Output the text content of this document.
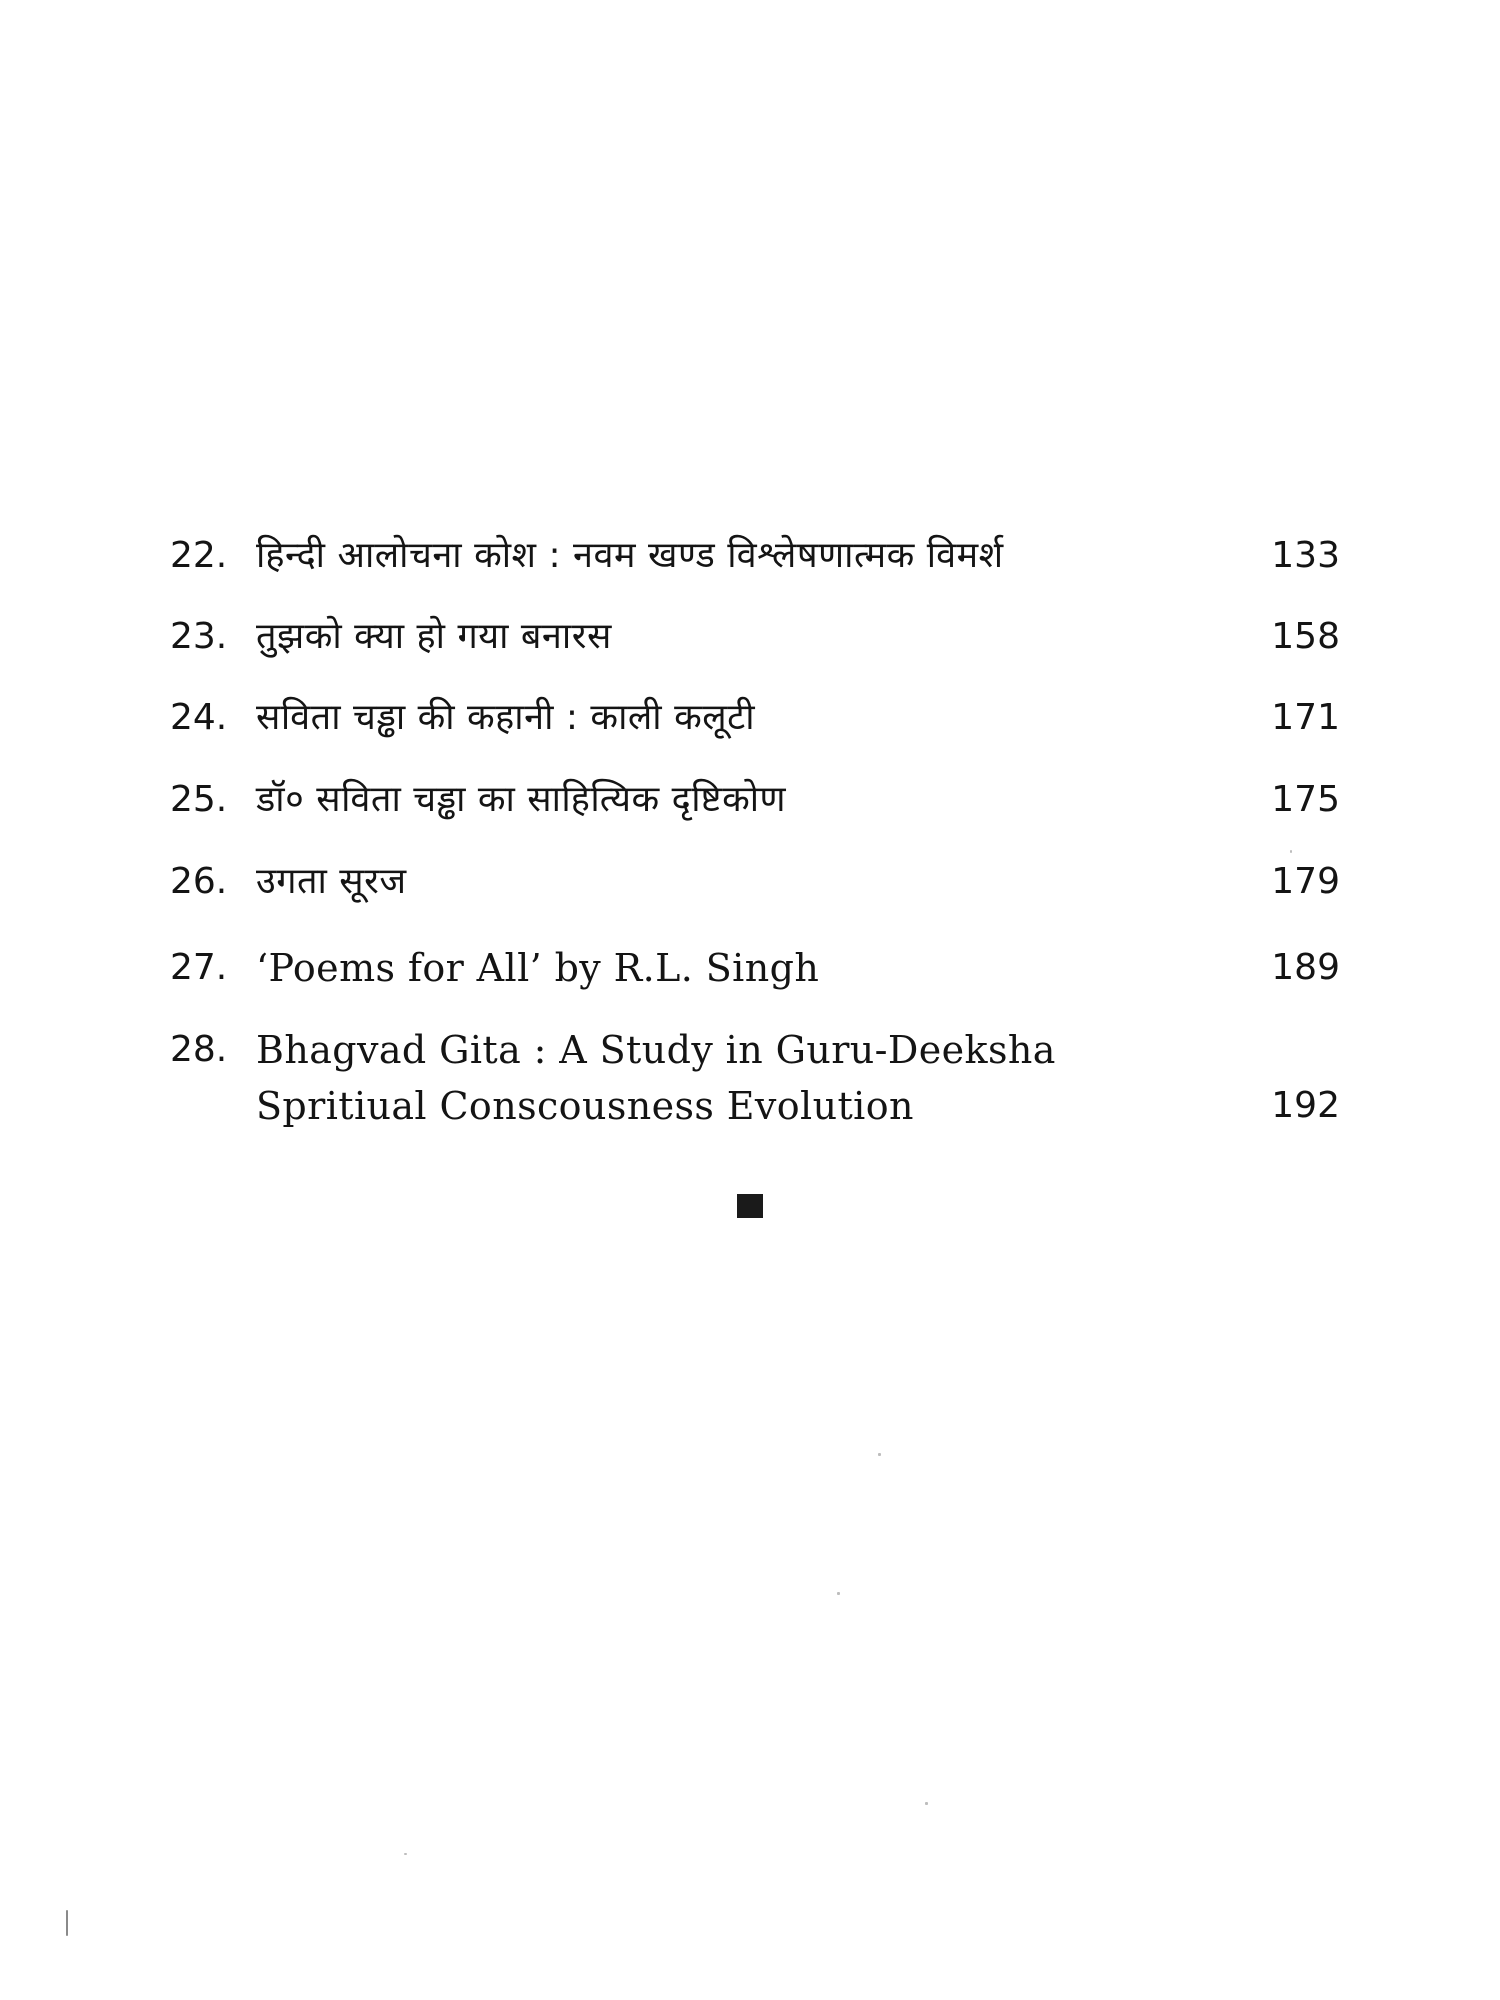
22. हिन्दी आलोचना कोश : नवम खण्ड विश्लेषणात्मक विमर्श	133
23. तुझको क्या हो गया बनारस	158
24. सविता चड्ढा की कहानी : काली कलूटी	171
25. डॉ० सविता चड्ढा का साहित्यिक दृष्टिकोण	175
26. उगता सूरज	179
27. ‘Poems for All’ by R.L. Singh	189
28. Bhagvad Gita : A Study in Guru-Deeksha
Spritiual Conscousness Evolution	192
